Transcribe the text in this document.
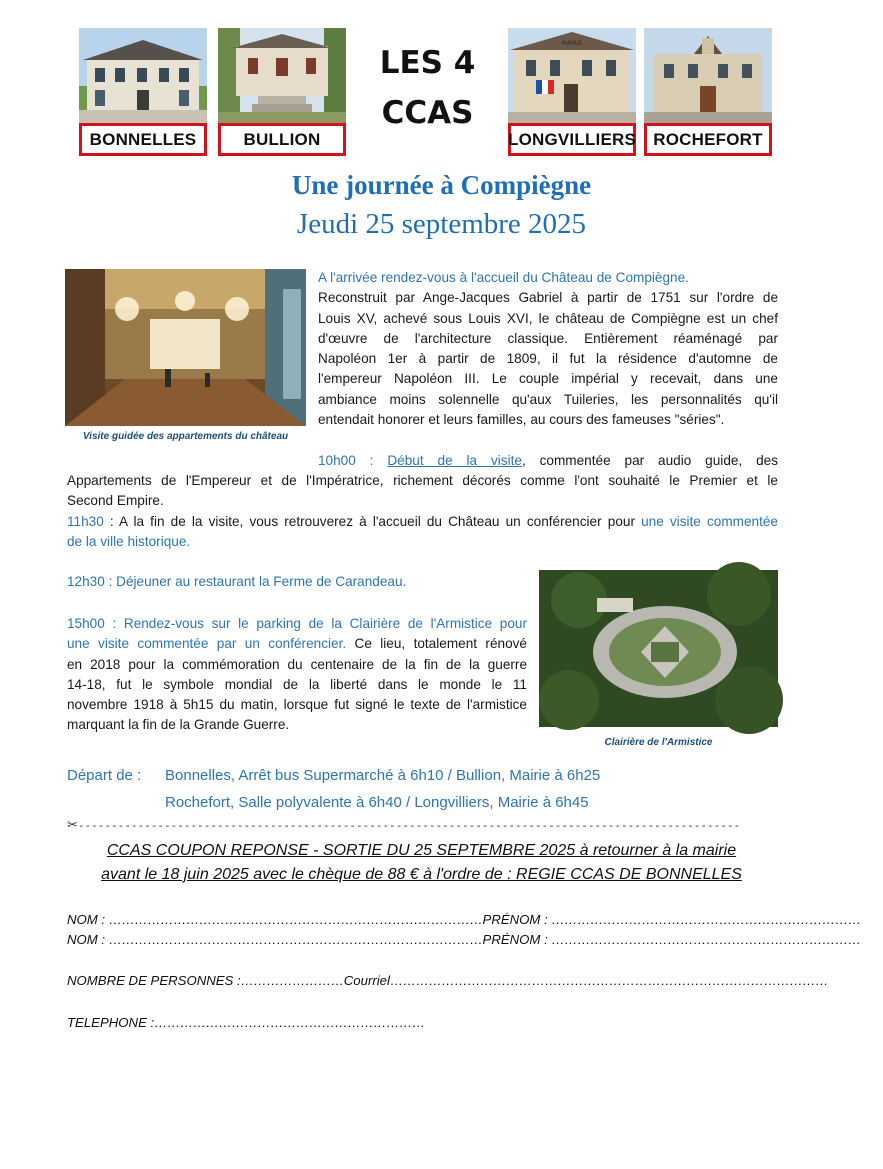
BONNELLES	BULLION
LES 4
CCAS
MAIRIE
LONGVILLIERS	ROCHEFORT
Une journée à Compiègne
Jeudi 25 septembre 2025
Visite guidée des appartements du château
A l'arrivée rendez-vous à l'accueil du Château de Compiègne.
Reconstruit par Ange-Jacques Gabriel à partir de 1751 sur l'ordre de
Louis XV, achevé sous Louis XVI, le château de Compiègne est un chef
d'œuvre de l'architecture classique. Entièrement réaménagé par
Napoléon 1er à partir de 1809, il fut la résidence d'automne de
l'empereur Napoléon III. Le couple impérial y recevait, dans une
ambiance moins solennelle qu'aux Tuileries, les personnalités qu'il
entendait honorer et leurs familles, au cours des fameuses "séries".
10h00 : Début de la visite, commentée par audio guide, des
Appartements de l'Empereur et de l'Impératrice, richement décorés comme l'ont souhaité le Premier et le
Second Empire.
11h30 : A la fin de la visite, vous retrouverez à l'accueil du Château un conférencier pour une visite commentée
de la ville historique.

12h30 : Déjeuner au restaurant la Ferme de Carandeau.
15h00 : Rendez-vous sur le parking de la Clairière de l'Armistice pour
une visite commentée par un conférencier. Ce lieu, totalement rénové
en 2018 pour la commémoration du centenaire de la fin de la guerre
14-18, fut le symbole mondial de la liberté dans le monde le 11
novembre 1918 à 5h15 du matin, lorsque fut signé le texte de l'armistice
marquant la fin de la Grande Guerre.
Clairière de l'Armistice
Départ de : Bonnelles, Arrêt bus Supermarché à 6h10 / Bullion, Mairie à 6h25
Rochefort, Salle polyvalente à 6h40 / Longvilliers, Mairie à 6h45
✂----------------------------------------------------------------------------------------------------
CCAS COUPON REPONSE - SORTIE DU 25 SEPTEMBRE 2025 à retourner à la mairie
avant le 18 juin 2025 avec le chèque de 88 € à l'ordre de : REGIE CCAS DE BONNELLES
NOM : ……………………………………………………………………………PRÉNOM : ………………………………………………………………
NOM : ……………………………………………………………………………PRÉNOM : ………………………………………………………………
NOMBRE DE PERSONNES :……………………Courriel…………………………………………………………………………………………
TELEPHONE :………………………………………………………
